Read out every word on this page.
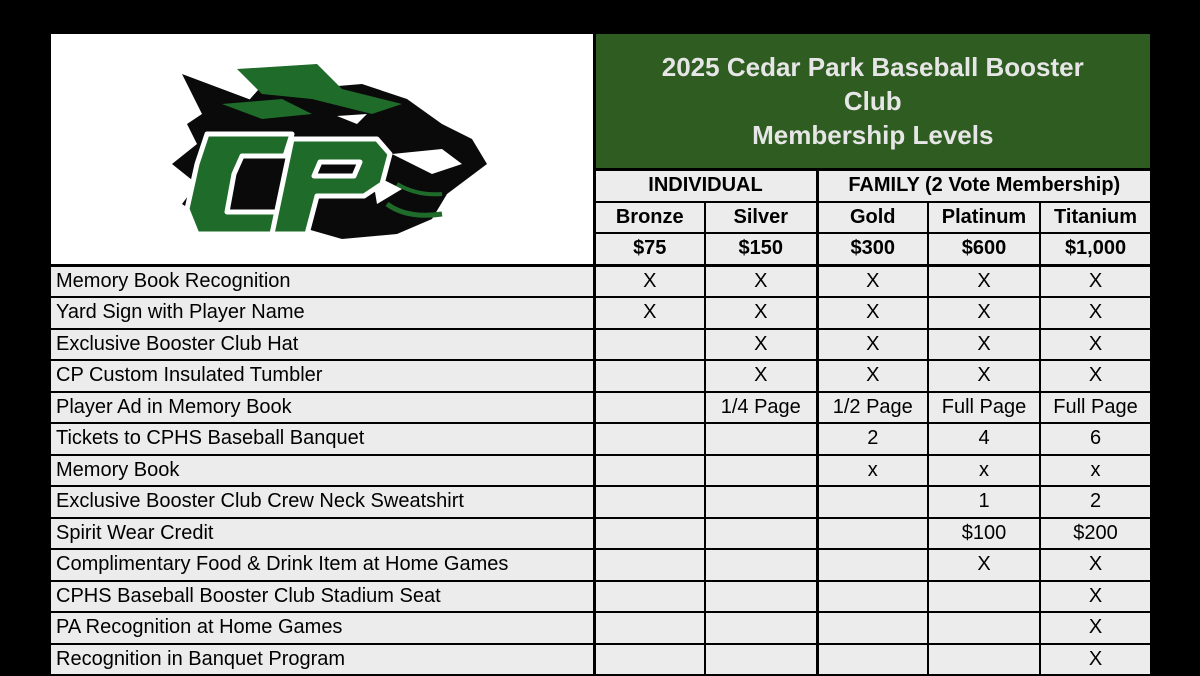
2025 Cedar Park Baseball Booster
Club
Membership Levels				

	INDIVIDUAL		FAMILY (2 Vote Membership)		
	Bronze	Silver	Gold	Platinum	Titanium
	$75	$150	$300	$600	$1,000
Memory Book Recognition	X	X	X	X	X
Yard Sign with Player Name	X	X	X	X	X
Exclusive Booster Club Hat		X	X	X	X
CP Custom Insulated Tumbler		X	X	X	X
Player Ad in Memory Book		1/4 Page	1/2 Page	Full Page	Full Page
Tickets to CPHS Baseball Banquet			2	4	6
Memory Book			x	x	x
Exclusive Booster Club Crew Neck Sweatshirt				1	2
Spirit Wear Credit				$100	$200
Complimentary Food & Drink Item at Home Games				X	X
CPHS Baseball Booster Club Stadium Seat					X
PA Recognition at Home Games					X
Recognition in Banquet Program					X
